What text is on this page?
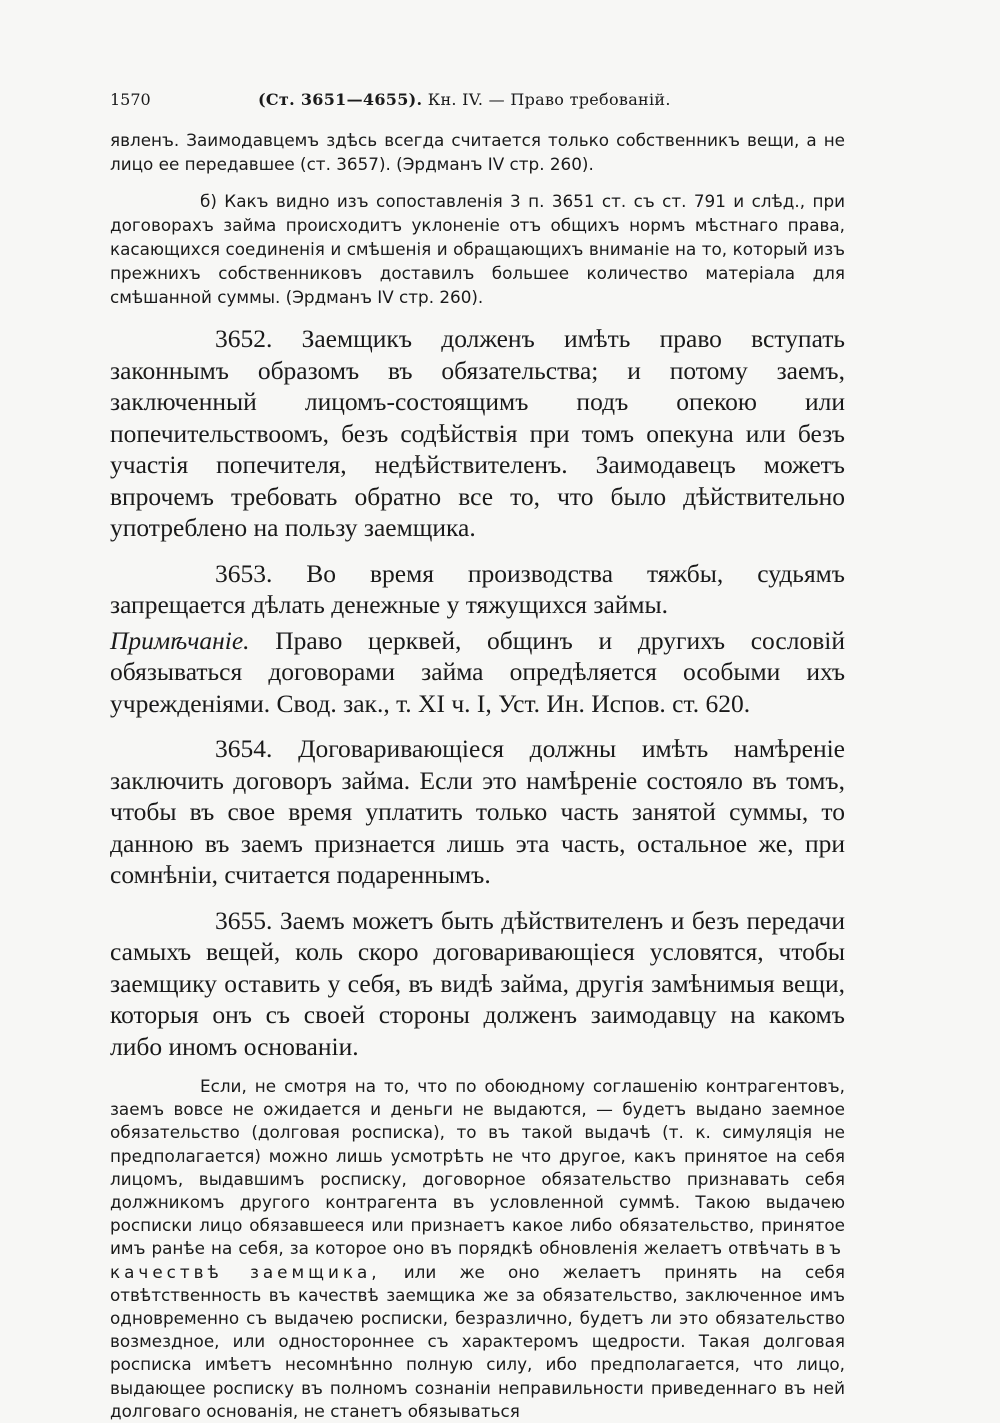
1570	(Ст. 3651—4655). Кн. IV. — Право требованій.

явленъ. Заимодавцемъ здѣсь всегда считается только собственникъ вещи, а не лицо ее передавшее (ст. 3657). (Эрдманъ IV стр. 260).

б) Какъ видно изъ сопоставленія 3 п. 3651 ст. съ ст. 791 и слѣд., при договорахъ займа происходитъ уклоненіе отъ общихъ нормъ мѣстнаго права, касающихся соединенія и смѣшенія и обращающихъ вниманіе на то, который изъ прежнихъ собственниковъ доставилъ большее количество матеріала для смѣшанной суммы. (Эрдманъ IV стр. 260).

3652. Заемщикъ долженъ имѣть право вступать законнымъ образомъ въ обязательства; и потому заемъ, заключенный лицомъ-состоящимъ подъ опекою или попечительствоомъ, безъ содѣйствія при томъ опекуна или безъ участія попечителя, недѣйствителенъ. Заимодавецъ можетъ впрочемъ требовать обратно все то, что было дѣйствительно употреблено на пользу заемщика.

3653. Во время производства тяжбы, судьямъ запрещается дѣлать денежные у тяжущихся займы.

Примѣчаніе. Право церквей, общинъ и другихъ сословій обязываться договорами займа опредѣляется особыми ихъ учрежденіями. Свод. зак., т. XI ч. I, Уст. Ин. Испов. ст. 620.

3654. Договаривающіеся должны имѣть намѣреніе заключить договоръ займа. Если это намѣреніе состояло въ томъ, чтобы въ свое время уплатить только часть занятой суммы, то данною въ заемъ признается лишь эта часть, остальное же, при сомнѣніи, считается подареннымъ.

3655. Заемъ можетъ быть дѣйствителенъ и безъ передачи самыхъ вещей, коль скоро договаривающіеся условятся, чтобы заемщику оставить у себя, въ видѣ займа, другія замѣнимыя вещи, которыя онъ съ своей стороны долженъ заимодавцу на какомъ либо иномъ основаніи.

Если, не смотря на то, что по обоюдному соглашенію контрагентовъ, заемъ вовсе не ожидается и деньги не выдаются, — будетъ выдано заемное обязательство (долговая росписка), то въ такой выдачѣ (т. к. симуляція не предполагается) можно лишь усмотрѣть не что другое, какъ принятое на себя лицомъ, выдавшимъ росписку, договорное обязательство признавать себя должникомъ другого контрагента въ условленной суммѣ. Такою выдачею росписки лицо обязавшееся или признаетъ какое либо обязательство, принятое имъ ранѣе на себя, за которое оно въ порядкѣ обновленія желаетъ отвѣчать въ качествѣ заемщика, или же оно желаетъ принять на себя отвѣтственность въ качествѣ заемщика же за обязательство, заключенное имъ одновременно съ выдачею росписки, безразлично, будетъ ли это обязательство возмездное, или одностороннее съ характеромъ щедрости. Такая долговая росписка имѣетъ несомнѣнно полную силу, ибо предполагается, что лицо, выдающее росписку въ полномъ сознаніи неправильности приведеннаго въ ней долговаго основанія, не станетъ обязываться
